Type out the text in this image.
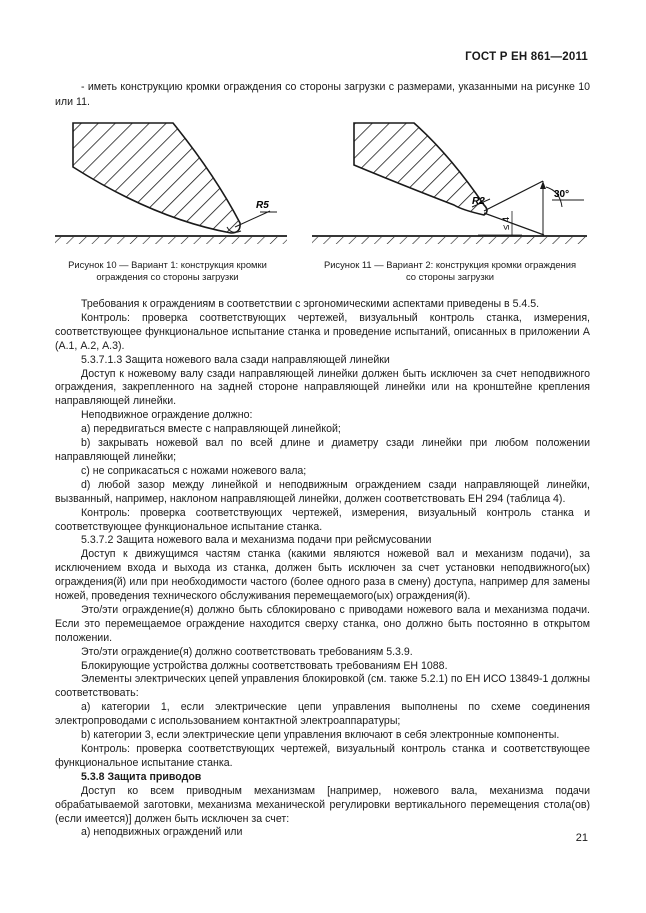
ГОСТ Р ЕН 861—2011

- иметь конструкцию кромки ограждения со стороны загрузки с размерами, указанными на рисунке 10 или 11.

R5
Рисунок 10 — Вариант 1: конструкция кромки
ограждения со стороны загрузки
≤ 4
30°
R2
Рисунок 11 — Вариант 2: конструкция кромки ограждения
со стороны загрузки

Требования к ограждениям в соответствии с эргономическими аспектами приведены в 5.4.5.

Контроль: проверка соответствующих чертежей, визуальный контроль станка, измерения, соответствующее функциональное испытание станка и проведение испытаний, описанных в приложении А (А.1, А.2, А.3).

5.3.7.1.3 Защита ножевого вала сзади направляющей линейки

Доступ к ножевому валу сзади направляющей линейки должен быть исключен за счет неподвижного ограждения, закрепленного на задней стороне направляющей линейки или на кронштейне крепления направляющей линейки.

Неподвижное ограждение должно:

а) передвигаться вместе с направляющей линейкой;

b) закрывать ножевой вал по всей длине и диаметру сзади линейки при любом положении направляющей линейки;

с) не соприкасаться с ножами ножевого вала;

d) любой зазор между линейкой и неподвижным ограждением сзади направляющей линейки, вызванный, например, наклоном направляющей линейки, должен соответствовать ЕН 294 (таблица 4).

Контроль: проверка соответствующих чертежей, измерения, визуальный контроль станка и соответствующее функциональное испытание станка.

5.3.7.2 Защита ножевого вала и механизма подачи при рейсмусовании

Доступ к движущимся частям станка (какими являются ножевой вал и механизм подачи), за исключением входа и выхода из станка, должен быть исключен за счет установки неподвижного(ых) ограждения(й) или при необходимости частого (более одного раза в смену) доступа, например для замены ножей, проведения технического обслуживания перемещаемого(ых) ограждения(й).

Это/эти ограждение(я) должно быть сблокировано с приводами ножевого вала и механизма подачи. Если это перемещаемое ограждение находится сверху станка, оно должно быть постоянно в открытом положении.

Это/эти ограждение(я) должно соответствовать требованиям 5.3.9.

Блокирующие устройства должны соответствовать требованиям ЕН 1088.

Элементы электрических цепей управления блокировкой (см. также 5.2.1) по ЕН ИСО 13849-1 должны соответствовать:

а) категории 1, если электрические цепи управления выполнены по схеме соединения электропроводами с использованием контактной электроаппаратуры;

b) категории 3, если электрические цепи управления включают в себя электронные компоненты.

Контроль: проверка соответствующих чертежей, визуальный контроль станка и соответствующее функциональное испытание станка.

5.3.8 Защита приводов

Доступ ко всем приводным механизмам [например, ножевого вала, механизма подачи обрабатываемой заготовки, механизма механической регулировки вертикального перемещения стола(ов) (если имеется)] должен быть исключен за счет:

а) неподвижных ограждений или	21
